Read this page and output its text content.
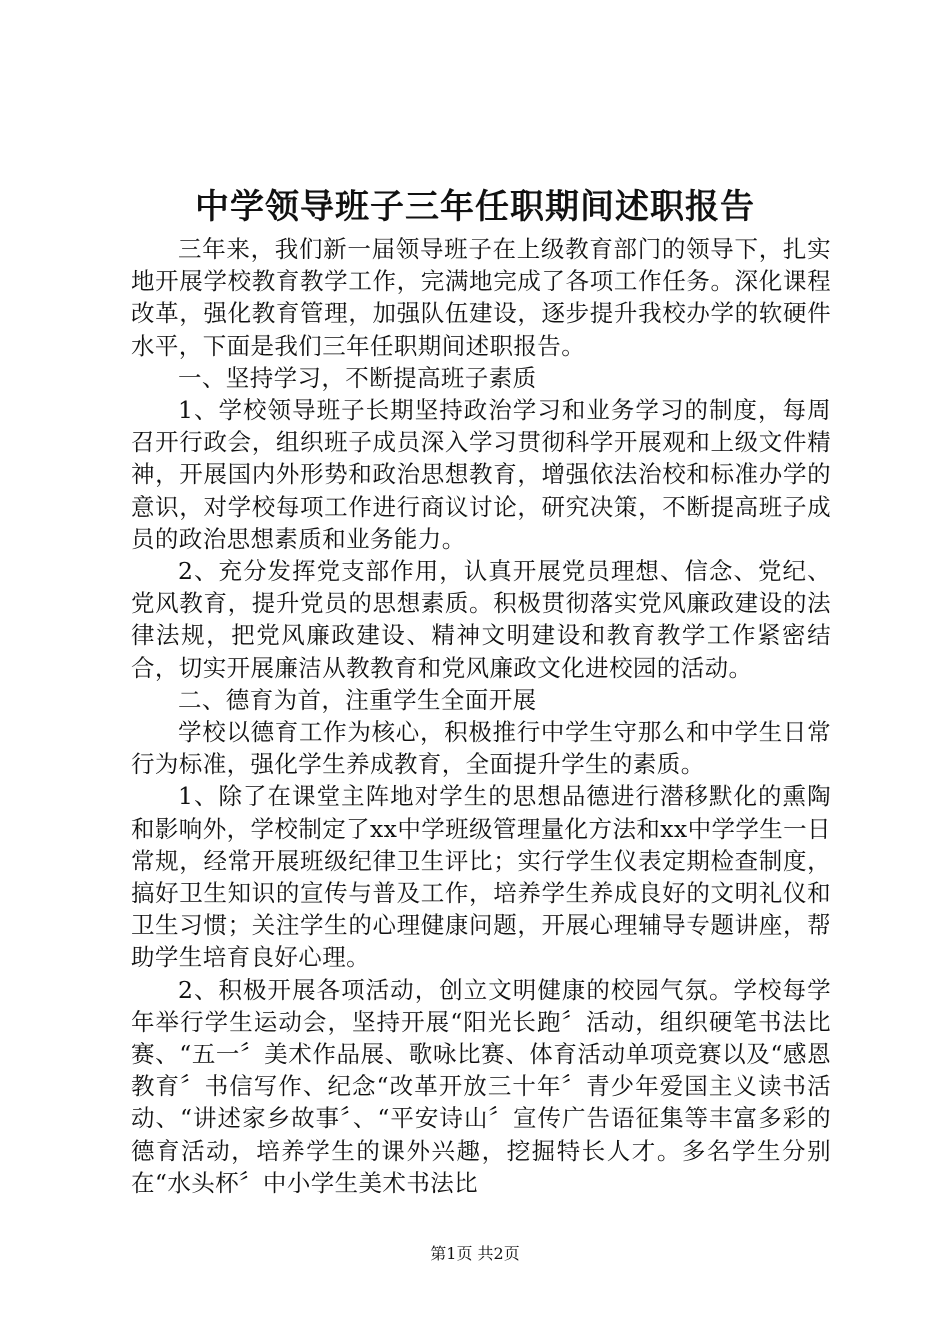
中学领导班子三年任职期间述职报告

三年来，我们新一届领导班子在上级教育部门的领导下，扎实地开展学校教育教学工作，完满地完成了各项工作任务。深化课程改革，强化教育管理，加强队伍建设，逐步提升我校办学的软硬件水平，下面是我们三年任职期间述职报告。

一、坚持学习，不断提高班子素质

1、学校领导班子长期坚持政治学习和业务学习的制度，每周召开行政会，组织班子成员深入学习贯彻科学开展观和上级文件精神，开展国内外形势和政治思想教育，增强依法治校和标准办学的意识，对学校每项工作进行商议讨论，研究决策，不断提高班子成员的政治思想素质和业务能力。

2、充分发挥党支部作用，认真开展党员理想、信念、党纪、党风教育，提升党员的思想素质。积极贯彻落实党风廉政建设的法律法规，把党风廉政建设、精神文明建设和教育教学工作紧密结合，切实开展廉洁从教教育和党风廉政文化进校园的活动。

二、德育为首，注重学生全面开展

学校以德育工作为核心，积极推行中学生守那么和中学生日常行为标准，强化学生养成教育，全面提升学生的素质。

1、除了在课堂主阵地对学生的思想品德进行潜移默化的熏陶和影响外，学校制定了xx中学班级管理量化方法和xx中学学生一日常规，经常开展班级纪律卫生评比；实行学生仪表定期检查制度，搞好卫生知识的宣传与普及工作，培养学生养成良好的文明礼仪和卫生习惯；关注学生的心理健康问题，开展心理辅导专题讲座，帮助学生培育良好心理。

2、积极开展各项活动，创立文明健康的校园气氛。学校每学年举行学生运动会，坚持开展“阳光长跑〞活动，组织硬笔书法比赛、“五一〞美术作品展、歌咏比赛、体育活动单项竞赛以及“感恩教育〞书信写作、纪念“改革开放三十年〞青少年爱国主义读书活动、“讲述家乡故事〞、“平安诗山〞宣传广告语征集等丰富多彩的德育活动，培养学生的课外兴趣，挖掘特长人才。多名学生分别在“水头杯〞中小学生美术书法比

第1页 共2页
